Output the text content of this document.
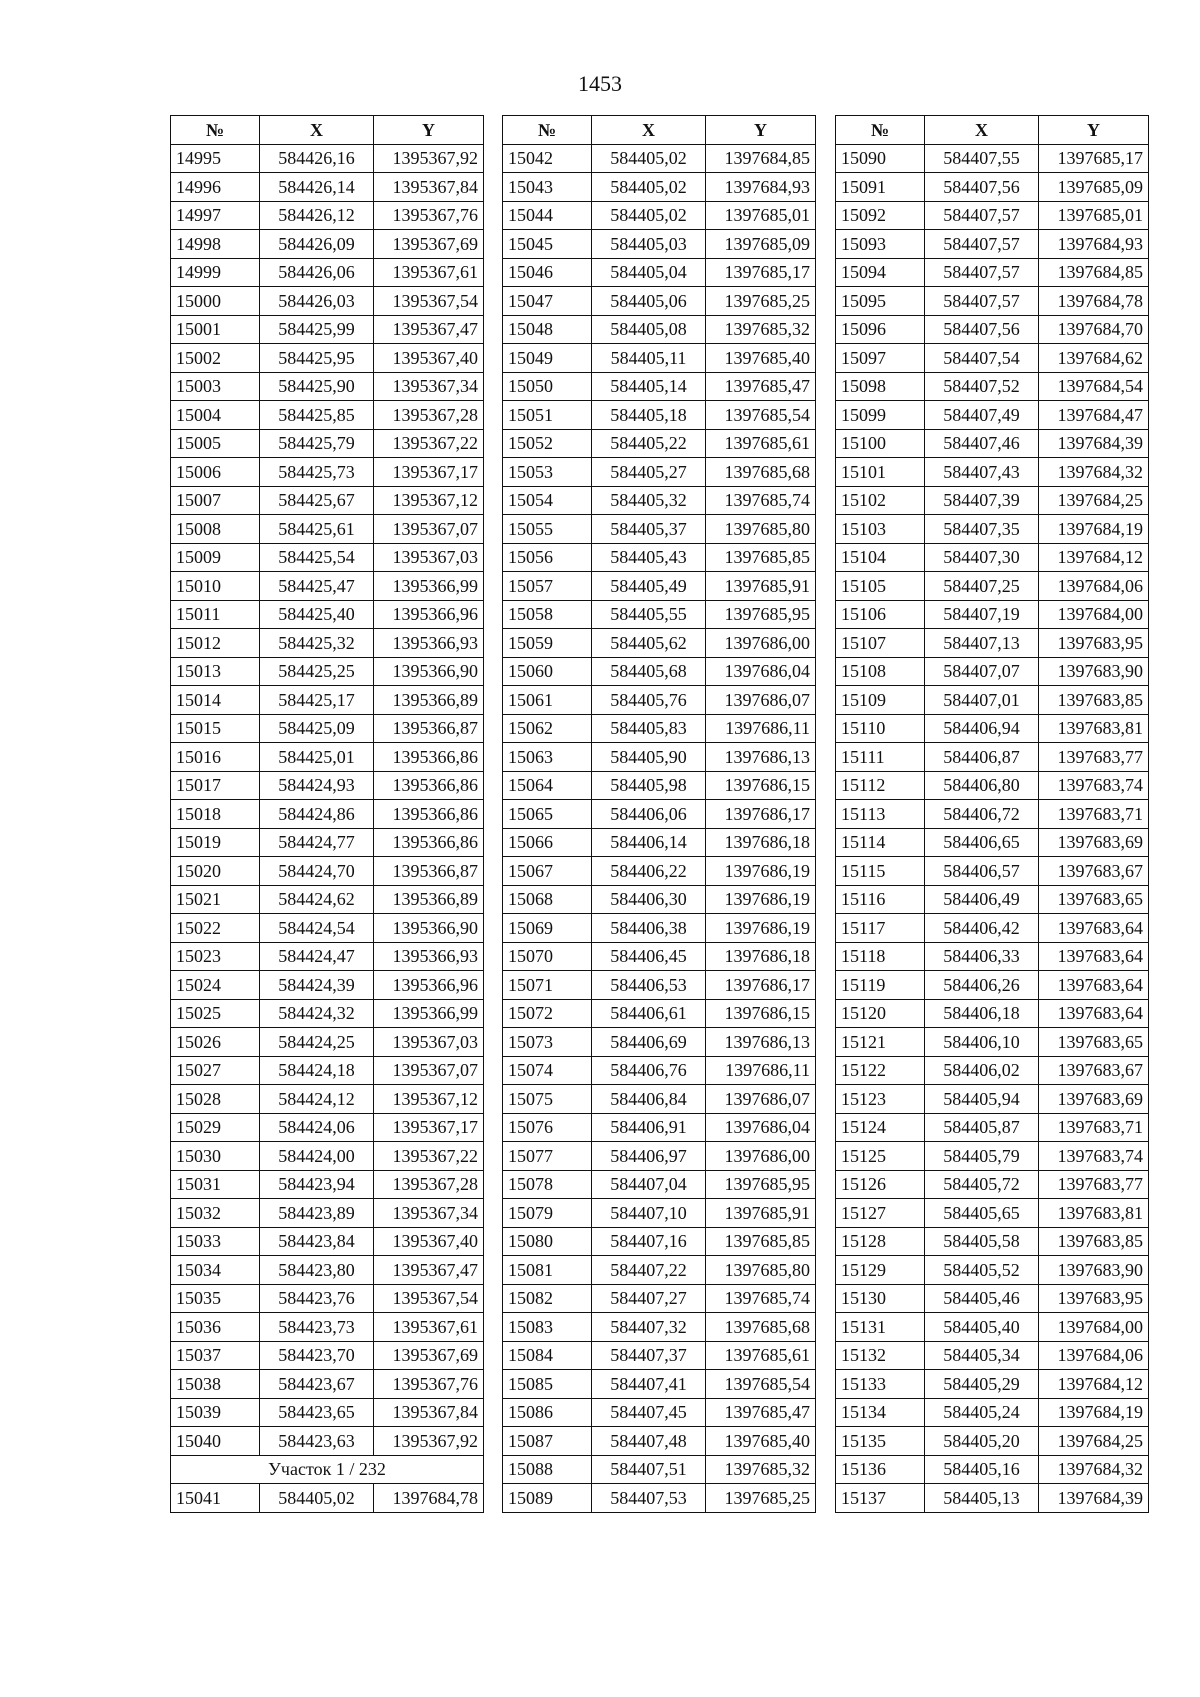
1453
№	X	Y
14995	584426,16	1395367,92
14996	584426,14	1395367,84
14997	584426,12	1395367,76
14998	584426,09	1395367,69
14999	584426,06	1395367,61
15000	584426,03	1395367,54
15001	584425,99	1395367,47
15002	584425,95	1395367,40
15003	584425,90	1395367,34
15004	584425,85	1395367,28
15005	584425,79	1395367,22
15006	584425,73	1395367,17
15007	584425,67	1395367,12
15008	584425,61	1395367,07
15009	584425,54	1395367,03
15010	584425,47	1395366,99
15011	584425,40	1395366,96
15012	584425,32	1395366,93
15013	584425,25	1395366,90
15014	584425,17	1395366,89
15015	584425,09	1395366,87
15016	584425,01	1395366,86
15017	584424,93	1395366,86
15018	584424,86	1395366,86
15019	584424,77	1395366,86
15020	584424,70	1395366,87
15021	584424,62	1395366,89
15022	584424,54	1395366,90
15023	584424,47	1395366,93
15024	584424,39	1395366,96
15025	584424,32	1395366,99
15026	584424,25	1395367,03
15027	584424,18	1395367,07
15028	584424,12	1395367,12
15029	584424,06	1395367,17
15030	584424,00	1395367,22
15031	584423,94	1395367,28
15032	584423,89	1395367,34
15033	584423,84	1395367,40
15034	584423,80	1395367,47
15035	584423,76	1395367,54
15036	584423,73	1395367,61
15037	584423,70	1395367,69
15038	584423,67	1395367,76
15039	584423,65	1395367,84
15040	584423,63	1395367,92
Участок 1 / 232		
15041	584405,02	1397684,78
№	X	Y
15042	584405,02	1397684,85
15043	584405,02	1397684,93
15044	584405,02	1397685,01
15045	584405,03	1397685,09
15046	584405,04	1397685,17
15047	584405,06	1397685,25
15048	584405,08	1397685,32
15049	584405,11	1397685,40
15050	584405,14	1397685,47
15051	584405,18	1397685,54
15052	584405,22	1397685,61
15053	584405,27	1397685,68
15054	584405,32	1397685,74
15055	584405,37	1397685,80
15056	584405,43	1397685,85
15057	584405,49	1397685,91
15058	584405,55	1397685,95
15059	584405,62	1397686,00
15060	584405,68	1397686,04
15061	584405,76	1397686,07
15062	584405,83	1397686,11
15063	584405,90	1397686,13
15064	584405,98	1397686,15
15065	584406,06	1397686,17
15066	584406,14	1397686,18
15067	584406,22	1397686,19
15068	584406,30	1397686,19
15069	584406,38	1397686,19
15070	584406,45	1397686,18
15071	584406,53	1397686,17
15072	584406,61	1397686,15
15073	584406,69	1397686,13
15074	584406,76	1397686,11
15075	584406,84	1397686,07
15076	584406,91	1397686,04
15077	584406,97	1397686,00
15078	584407,04	1397685,95
15079	584407,10	1397685,91
15080	584407,16	1397685,85
15081	584407,22	1397685,80
15082	584407,27	1397685,74
15083	584407,32	1397685,68
15084	584407,37	1397685,61
15085	584407,41	1397685,54
15086	584407,45	1397685,47
15087	584407,48	1397685,40
15088	584407,51	1397685,32
15089	584407,53	1397685,25
№	X	Y
15090	584407,55	1397685,17
15091	584407,56	1397685,09
15092	584407,57	1397685,01
15093	584407,57	1397684,93
15094	584407,57	1397684,85
15095	584407,57	1397684,78
15096	584407,56	1397684,70
15097	584407,54	1397684,62
15098	584407,52	1397684,54
15099	584407,49	1397684,47
15100	584407,46	1397684,39
15101	584407,43	1397684,32
15102	584407,39	1397684,25
15103	584407,35	1397684,19
15104	584407,30	1397684,12
15105	584407,25	1397684,06
15106	584407,19	1397684,00
15107	584407,13	1397683,95
15108	584407,07	1397683,90
15109	584407,01	1397683,85
15110	584406,94	1397683,81
15111	584406,87	1397683,77
15112	584406,80	1397683,74
15113	584406,72	1397683,71
15114	584406,65	1397683,69
15115	584406,57	1397683,67
15116	584406,49	1397683,65
15117	584406,42	1397683,64
15118	584406,33	1397683,64
15119	584406,26	1397683,64
15120	584406,18	1397683,64
15121	584406,10	1397683,65
15122	584406,02	1397683,67
15123	584405,94	1397683,69
15124	584405,87	1397683,71
15125	584405,79	1397683,74
15126	584405,72	1397683,77
15127	584405,65	1397683,81
15128	584405,58	1397683,85
15129	584405,52	1397683,90
15130	584405,46	1397683,95
15131	584405,40	1397684,00
15132	584405,34	1397684,06
15133	584405,29	1397684,12
15134	584405,24	1397684,19
15135	584405,20	1397684,25
15136	584405,16	1397684,32
15137	584405,13	1397684,39
